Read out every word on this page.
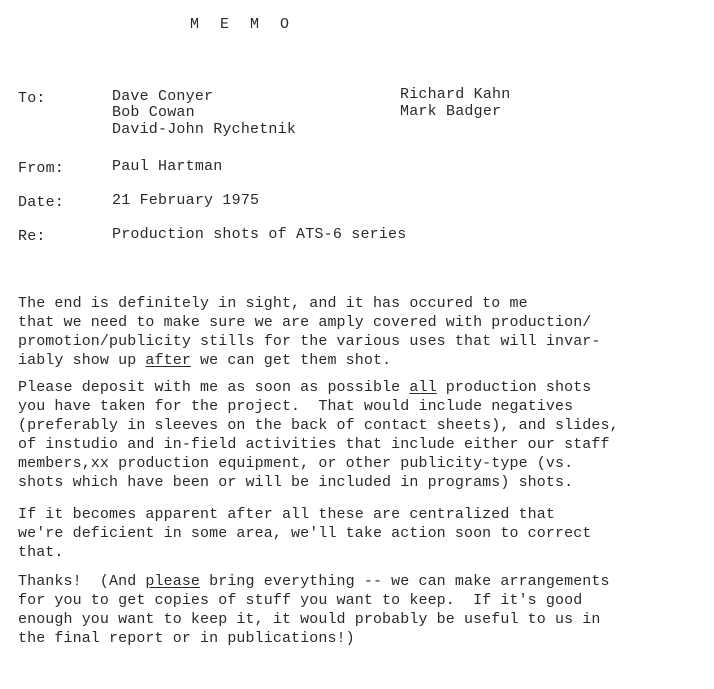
M E M O
To:	Dave Conyer
Bob Cowan
David-John Rychetnik
Richard Kahn
Mark Badger
From:	Paul Hartman
Date:	21 February 1975
Re:	Production shots of ATS-6 series
The end is definitely in sight, and it has occured to me
that we need to make sure we are amply covered with production/
promotion/publicity stills for the various uses that will invar-
iably show up after we can get them shot.
Please deposit with me as soon as possible all production shots
you have taken for the project.  That would include negatives
(preferably in sleeves on the back of contact sheets), and slides,
of instudio and in-field activities that include either our staff
members,xx production equipment, or other publicity-type (vs.
shots which have been or will be included in programs) shots.
If it becomes apparent after all these are centralized that
we're deficient in some area, we'll take action soon to correct
that.
Thanks!  (And please bring everything -- we can make arrangements
for you to get copies of stuff you want to keep.  If it's good
enough you want to keep it, it would probably be useful to us in
the final report or in publications!)
